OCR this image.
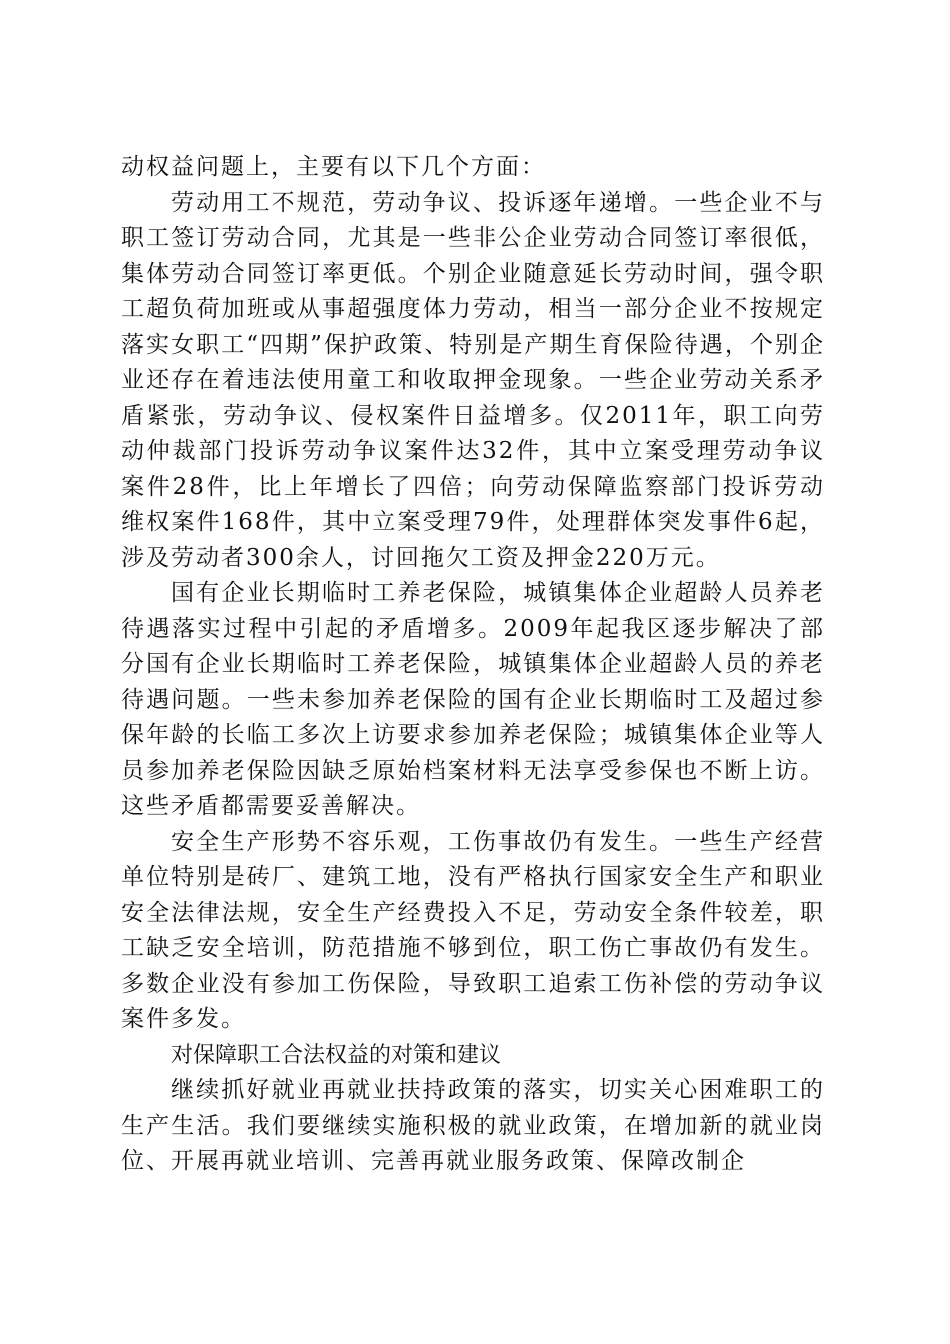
动权益问题上，主要有以下几个方面：

劳动用工不规范，劳动争议、投诉逐年递增。一些企业不与职工签订劳动合同，尤其是一些非公企业劳动合同签订率很低，集体劳动合同签订率更低。个别企业随意延长劳动时间，强令职工超负荷加班或从事超强度体力劳动，相当一部分企业不按规定落实女职工“四期”保护政策、特别是产期生育保险待遇，个别企业还存在着违法使用童工和收取押金现象。一些企业劳动关系矛盾紧张，劳动争议、侵权案件日益增多。仅2011年，职工向劳动仲裁部门投诉劳动争议案件达32件，其中立案受理劳动争议案件28件，比上年增长了四倍；向劳动保障监察部门投诉劳动维权案件168件，其中立案受理79件，处理群体突发事件6起，涉及劳动者300余人，讨回拖欠工资及押金220万元。

国有企业长期临时工养老保险，城镇集体企业超龄人员养老待遇落实过程中引起的矛盾增多。2009年起我区逐步解决了部分国有企业长期临时工养老保险，城镇集体企业超龄人员的养老待遇问题。一些未参加养老保险的国有企业长期临时工及超过参保年龄的长临工多次上访要求参加养老保险；城镇集体企业等人员参加养老保险因缺乏原始档案材料无法享受参保也不断上访。这些矛盾都需要妥善解决。

安全生产形势不容乐观，工伤事故仍有发生。一些生产经营单位特别是砖厂、建筑工地，没有严格执行国家安全生产和职业安全法律法规，安全生产经费投入不足，劳动安全条件较差，职工缺乏安全培训，防范措施不够到位，职工伤亡事故仍有发生。多数企业没有参加工伤保险，导致职工追索工伤补偿的劳动争议案件多发。

对保障职工合法权益的对策和建议

继续抓好就业再就业扶持政策的落实，切实关心困难职工的生产生活。我们要继续实施积极的就业政策，在增加新的就业岗位、开展再就业培训、完善再就业服务政策、保障改制企
